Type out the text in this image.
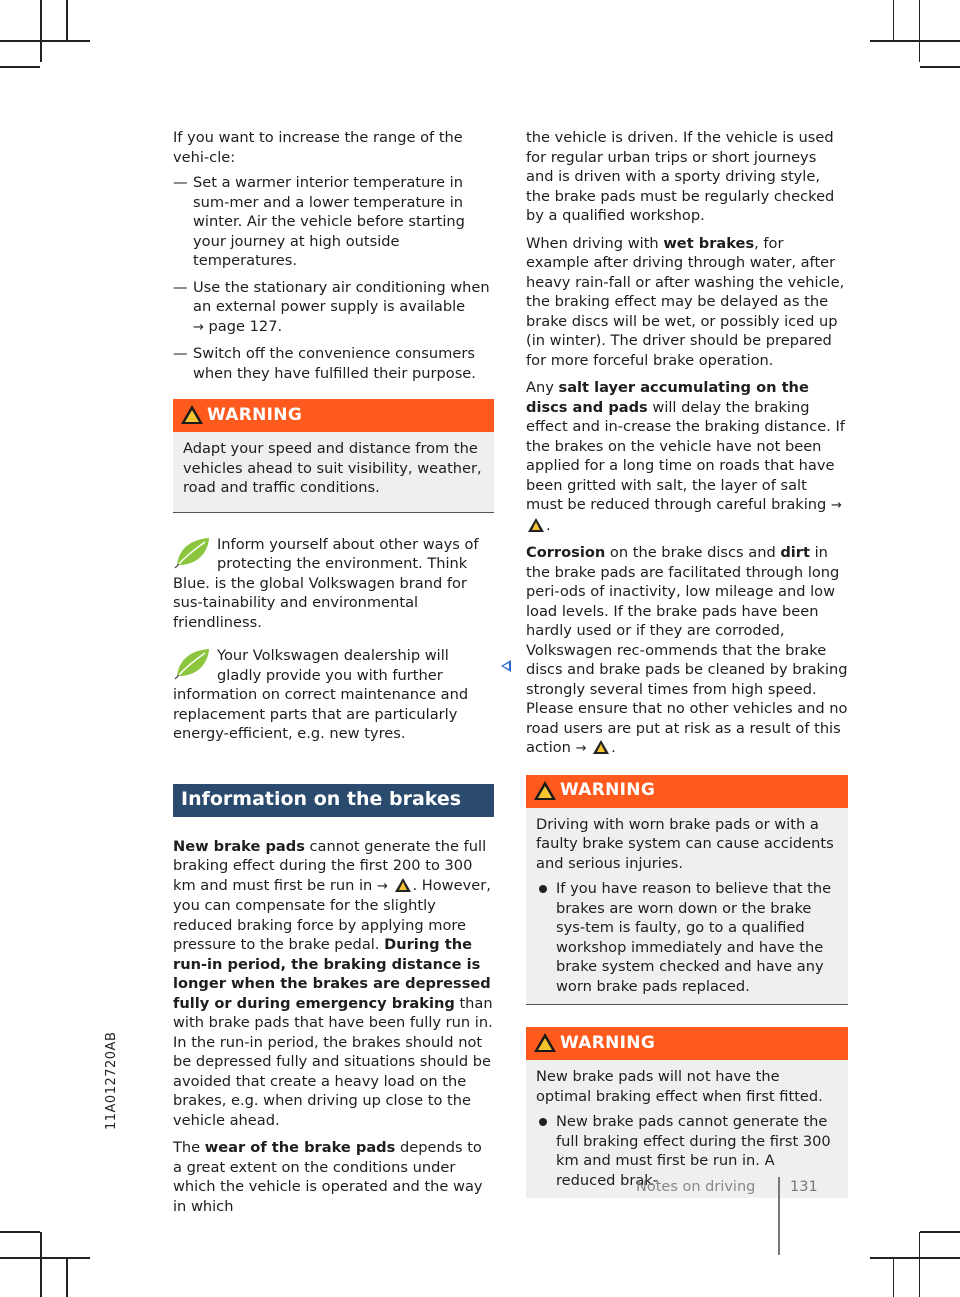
11A012720AB

If you want to increase the range of the vehi-cle:

— Set a warmer interior temperature in sum-mer and a lower temperature in winter. Air the vehicle before starting your journey at high outside temperatures.
— Use the stationary air conditioning when an external power supply is available
→ page 127.
— Switch off the convenience consumers when they have fulfilled their purpose.
WARNING

Adapt your speed and distance from the vehicles ahead to suit visibility, weather, road and traffic conditions.

Inform yourself about other ways of protecting the environment. Think Blue. is the global Volkswagen brand for sus-tainability and environmental friendliness.
Your Volkswagen dealership will gladly provide you with further information on correct maintenance and replacement parts that are particularly energy-efficient, e.g. new tyres.
Information on the brakes

New brake pads cannot generate the full braking effect during the first 200 to 300 km and must first be run in → . However, you can compensate for the slightly reduced braking force by applying more pressure to the brake pedal. During the run-in period, the braking distance is longer when the brakes are depressed fully or during emergency braking than with brake pads that have been fully run in. In the run-in period, the brakes should not be depressed fully and situations should be avoided that create a heavy load on the brakes, e.g. when driving up close to the vehicle ahead.

The wear of the brake pads depends to a great extent on the conditions under which the vehicle is operated and the way in which

the vehicle is driven. If the vehicle is used for regular urban trips or short journeys and is driven with a sporty driving style, the brake pads must be regularly checked by a qualified workshop.

When driving with wet brakes, for example after driving through water, after heavy rain-fall or after washing the vehicle, the braking effect may be delayed as the brake discs will be wet, or possibly iced up (in winter). The driver should be prepared for more forceful brake operation.

Any salt layer accumulating on the discs and pads will delay the braking effect and in-crease the braking distance. If the brakes on the vehicle have not been applied for a long time on roads that have been gritted with salt, the layer of salt must be reduced through careful braking → .

Corrosion on the brake discs and dirt in the brake pads are facilitated through long peri-ods of inactivity, low mileage and low load levels. If the brake pads have been hardly used or if they are corroded, Volkswagen rec-ommends that the brake discs and brake pads be cleaned by braking strongly several times from high speed. Please ensure that no other vehicles and no road users are put at risk as a result of this action → .

WARNING

Driving with worn brake pads or with a faulty brake system can cause accidents and serious injuries.

If you have reason to believe that the brakes are worn down or the brake sys-tem is faulty, go to a qualified workshop immediately and have the brake system checked and have any worn brake pads replaced.
WARNING

New brake pads will not have the optimal braking effect when first fitted.

New brake pads cannot generate the full braking effect during the first 300 km and must first be run in. A reduced brak-
Notes on driving 131
